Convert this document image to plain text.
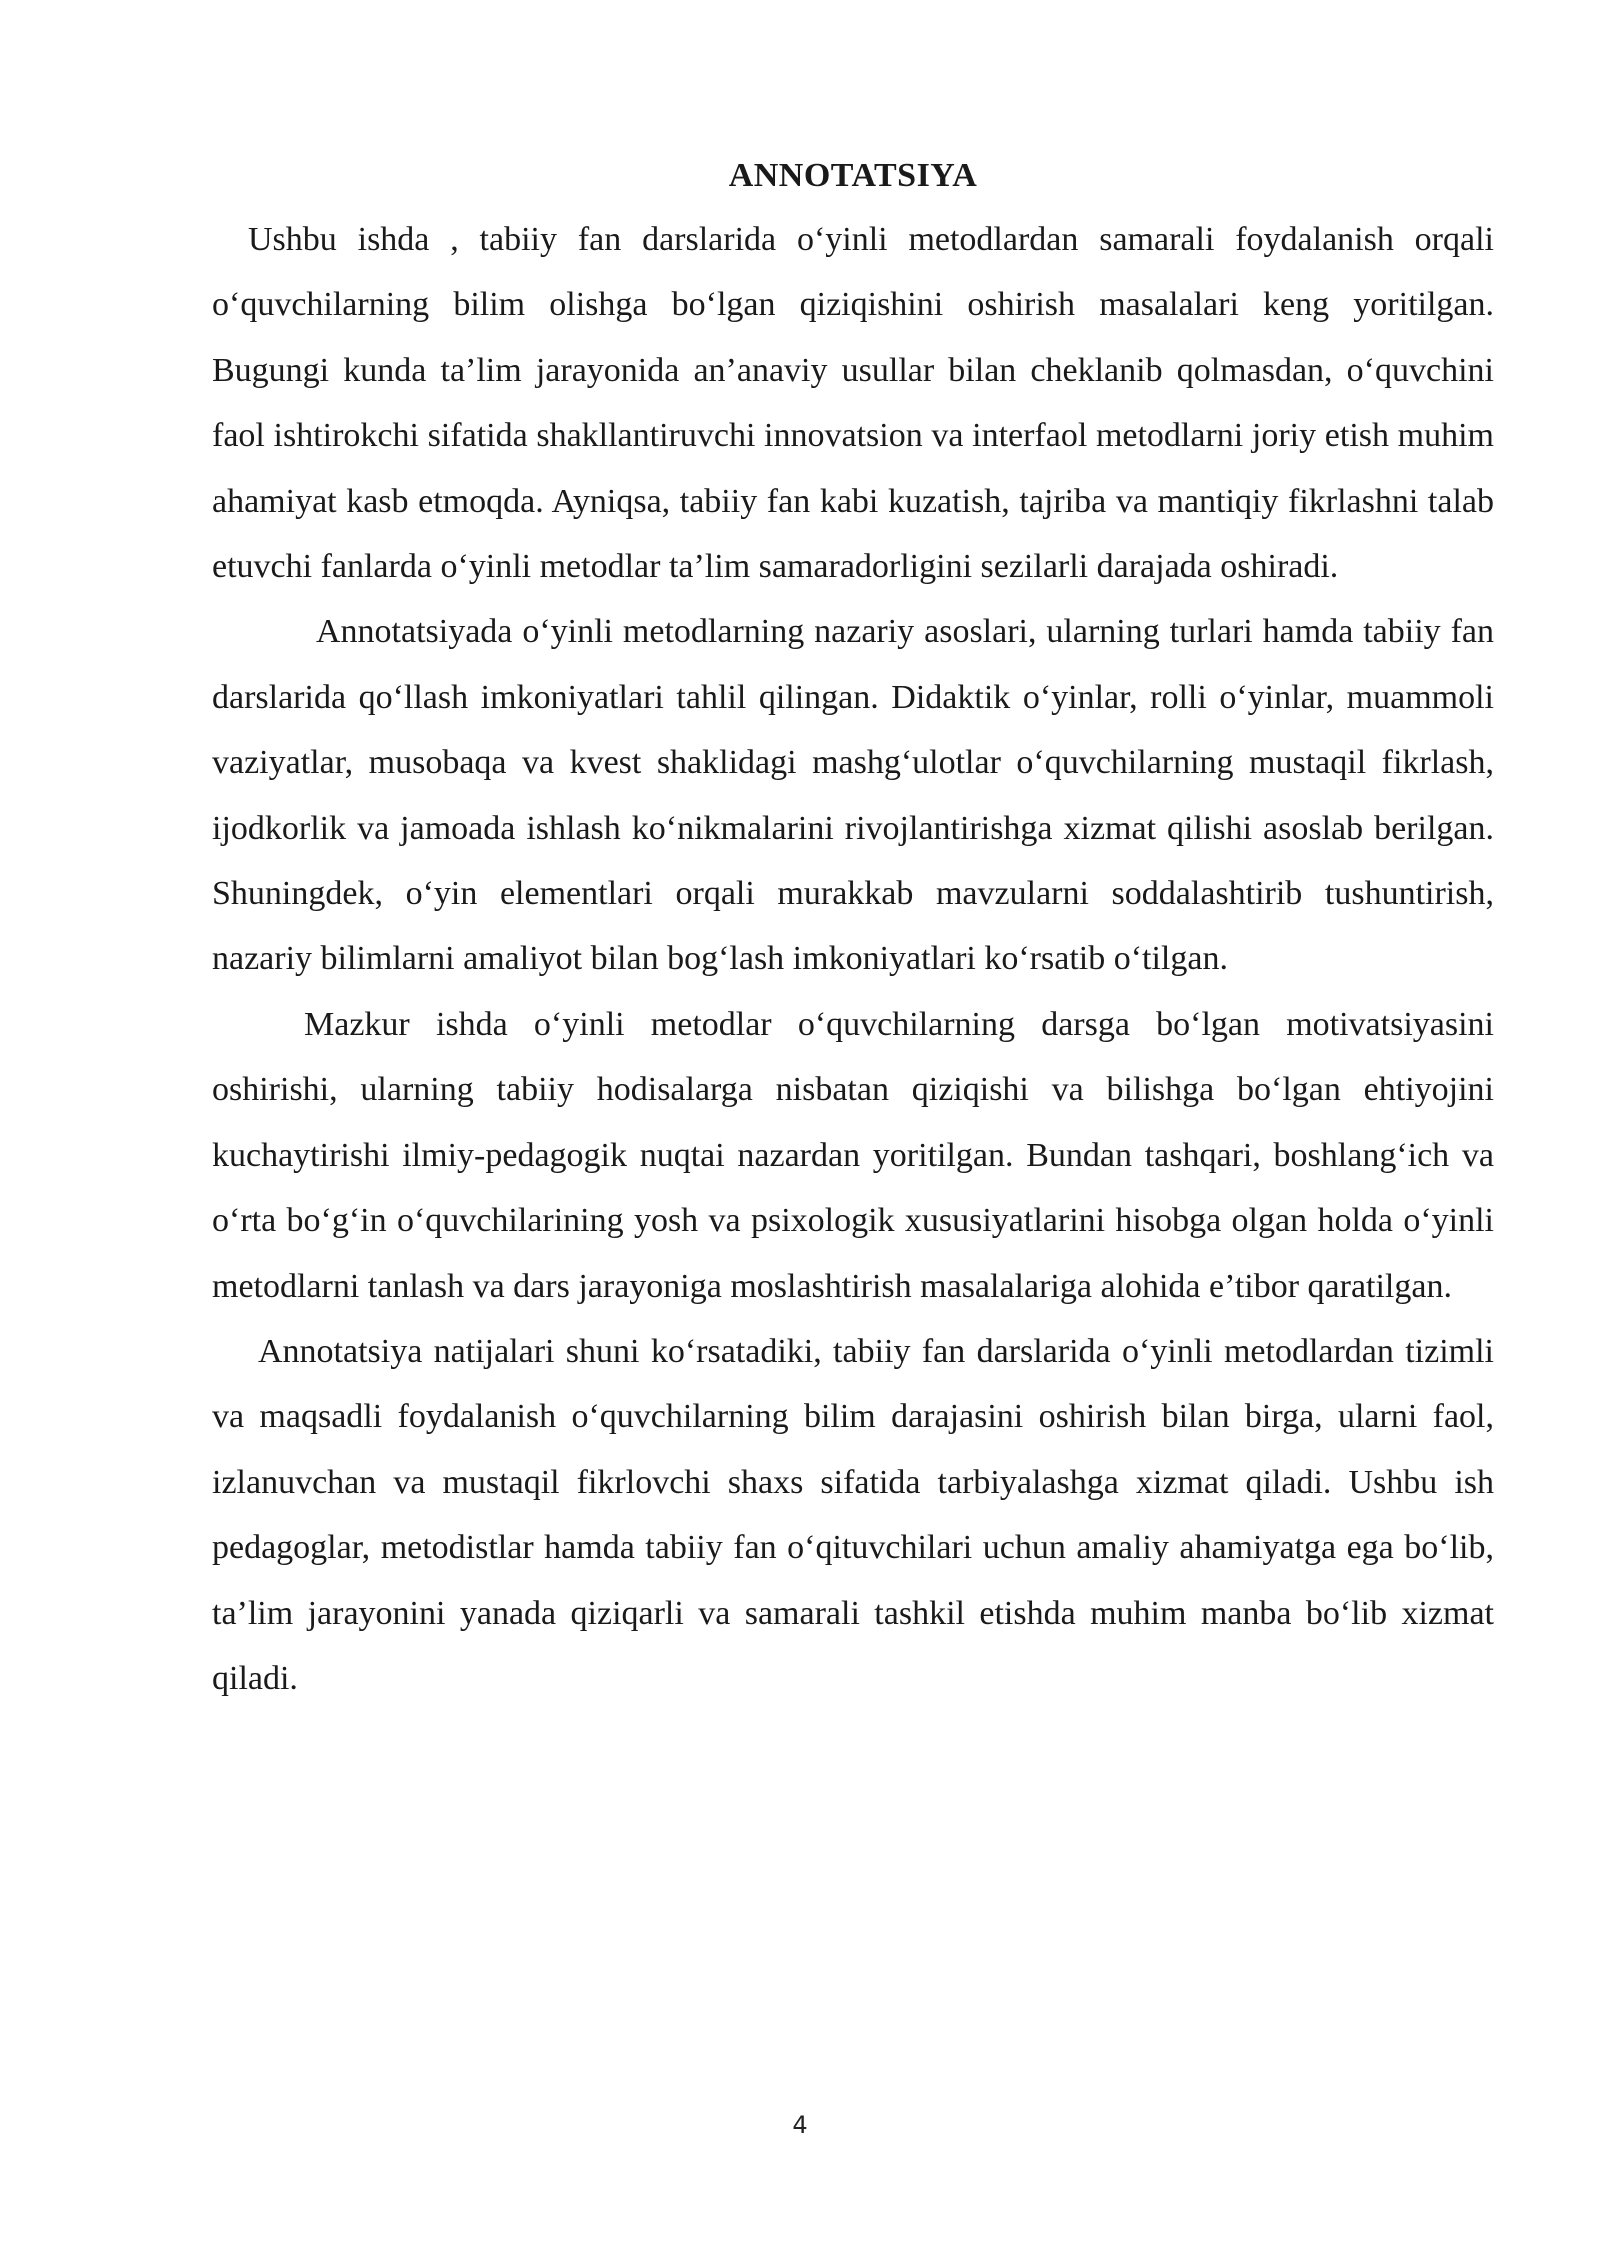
ANNOTATSIYA

Ushbu ishda , tabiiy fan darslarida o‘yinli metodlardan samarali foydalanish orqali o‘quvchilarning bilim olishga bo‘lgan qiziqishini oshirish masalalari keng yoritilgan. Bugungi kunda ta’lim jarayonida an’anaviy usullar bilan cheklanib qolmasdan, o‘quvchini faol ishtirokchi sifatida shakllantiruvchi innovatsion va interfaol metodlarni joriy etish muhim ahamiyat kasb etmoqda. Ayniqsa, tabiiy fan kabi kuzatish, tajriba va mantiqiy fikrlashni talab etuvchi fanlarda o‘yinli metodlar ta’lim samaradorligini sezilarli darajada oshiradi.

Annotatsiyada o‘yinli metodlarning nazariy asoslari, ularning turlari hamda tabiiy fan darslarida qo‘llash imkoniyatlari tahlil qilingan. Didaktik o‘yinlar, rolli o‘yinlar, muammoli vaziyatlar, musobaqa va kvest shaklidagi mashg‘ulotlar o‘quvchilarning mustaqil fikrlash, ijodkorlik va jamoada ishlash ko‘nikmalarini rivojlantirishga xizmat qilishi asoslab berilgan. Shuningdek, o‘yin elementlari orqali murakkab mavzularni soddalashtirib tushuntirish, nazariy bilimlarni amaliyot bilan bog‘lash imkoniyatlari ko‘rsatib o‘tilgan.

Mazkur ishda o‘yinli metodlar o‘quvchilarning darsga bo‘lgan motivatsiyasini oshirishi, ularning tabiiy hodisalarga nisbatan qiziqishi va bilishga bo‘lgan ehtiyojini kuchaytirishi ilmiy-pedagogik nuqtai nazardan yoritilgan. Bundan tashqari, boshlang‘ich va o‘rta bo‘g‘in o‘quvchilarining yosh va psixologik xususiyatlarini hisobga olgan holda o‘yinli metodlarni tanlash va dars jarayoniga moslashtirish masalalariga alohida e’tibor qaratilgan.

Annotatsiya natijalari shuni ko‘rsatadiki, tabiiy fan darslarida o‘yinli metodlardan tizimli va maqsadli foydalanish o‘quvchilarning bilim darajasini oshirish bilan birga, ularni faol, izlanuvchan va mustaqil fikrlovchi shaxs sifatida tarbiyalashga xizmat qiladi. Ushbu ish pedagoglar, metodistlar hamda tabiiy fan o‘qituvchilari uchun amaliy ahamiyatga ega bo‘lib, ta’lim jarayonini yanada qiziqarli va samarali tashkil etishda muhim manba bo‘lib xizmat qiladi.

4
